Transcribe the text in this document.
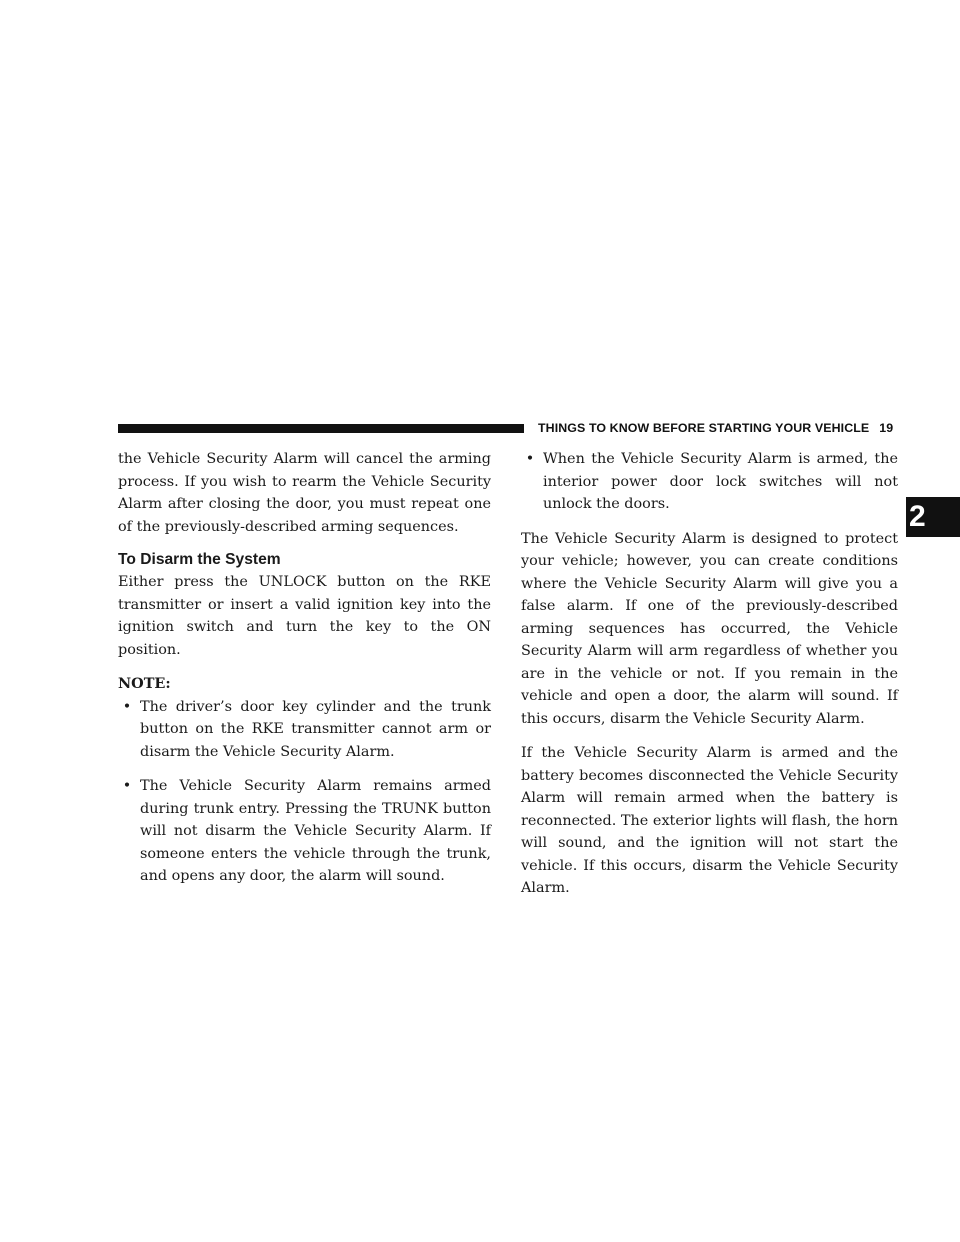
THINGS TO KNOW BEFORE STARTING YOUR VEHICLE 19
2

the Vehicle Security Alarm will cancel the arming process. If you wish to rearm the Vehicle Security Alarm after closing the door, you must repeat one of the previously-described arming sequences.

To Disarm the System

Either press the UNLOCK button on the RKE transmitter or insert a valid ignition key into the ignition switch and turn the key to the ON position.

NOTE:
• The driver’s door key cylinder and the trunk button on the RKE transmitter cannot arm or disarm the Vehicle Security Alarm.
• The Vehicle Security Alarm remains armed during trunk entry. Pressing the TRUNK button will not disarm the Vehicle Security Alarm. If someone enters the vehicle through the trunk, and opens any door, the alarm will sound.
• When the Vehicle Security Alarm is armed, the interior power door lock switches will not unlock the doors.

The Vehicle Security Alarm is designed to protect your vehicle; however, you can create conditions where the Vehicle Security Alarm will give you a false alarm. If one of the previously-described arming sequences has occurred, the Vehicle Security Alarm will arm regardless of whether you are in the vehicle or not. If you remain in the vehicle and open a door, the alarm will sound. If this occurs, disarm the Vehicle Security Alarm.

If the Vehicle Security Alarm is armed and the battery becomes disconnected the Vehicle Security Alarm will remain armed when the battery is reconnected. The exterior lights will flash, the horn will sound, and the ignition will not start the vehicle. If this occurs, disarm the Vehicle Security Alarm.
